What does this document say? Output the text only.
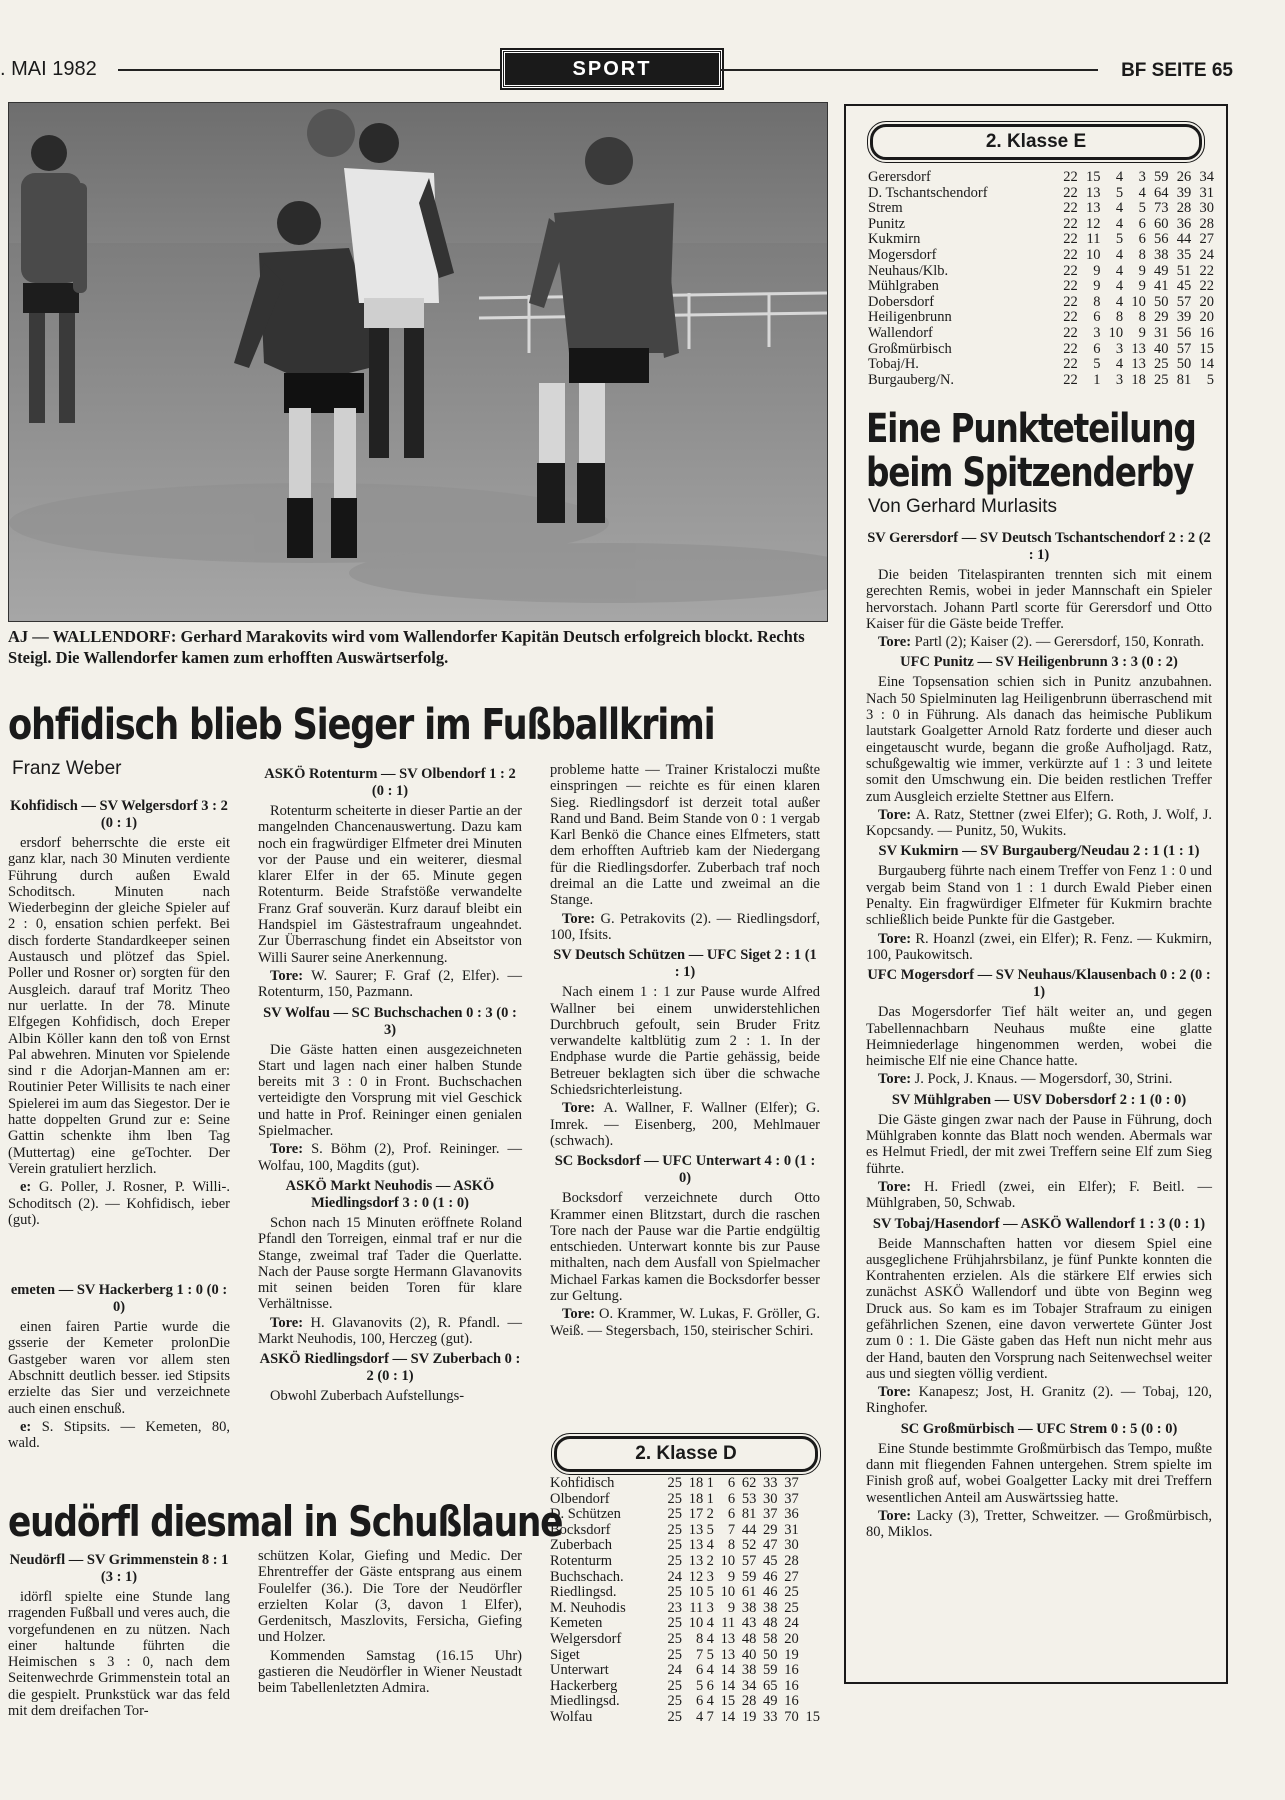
. MAI 1982	SPORT	BF SEITE 65
AJ — WALLENDORF: Gerhard Marakovits wird vom Wallendorfer Kapitän Deutsch erfolgreich blockt. Rechts Steigl. Die Wallendorfer kamen zum erhofften Auswärtserfolg.
ohfidisch blieb Sieger im Fußballkrimi
Franz Weber

Kohfidisch — SV Welgersdorf 3 : 2 (0 : 1)

ersdorf beherrschte die erste eit ganz klar, nach 30 Minuten verdiente Führung durch außen Ewald Schoditsch. Minuten nach Wiederbeginn der gleiche Spieler auf 2 : 0, ensation schien perfekt. Bei disch forderte Standardkeeper seinen Austausch und plötzef das Spiel. Poller und Rosner or) sorgten für den Ausgleich. darauf traf Moritz Theo nur uerlatte. In der 78. Minute Elfgegen Kohfidisch, doch Ereper Albin Köller kann den toß von Ernst Pal abwehren. Minuten vor Spielende sind r die Adorjan-Mannen am er: Routinier Peter Willisits te nach einer Spielerei im aum das Siegestor. Der ie hatte doppelten Grund zur e: Seine Gattin schenkte ihm lben Tag (Muttertag) eine geTochter. Der Verein gratuliert herzlich.

e: G. Poller, J. Rosner, P. Willi-. Schoditsch (2). — Kohfidisch, ieber (gut).

emeten — SV Hackerberg 1 : 0 (0 : 0)

einen fairen Partie wurde die gsserie der Kemeter prolonDie Gastgeber waren vor allem sten Abschnitt deutlich besser. ied Stipsits erzielte das Sier und verzeichnete auch einen enschuß.

e: S. Stipsits. — Kemeten, 80, wald.

ASKÖ Rotenturm — SV Olbendorf 1 : 2 (0 : 1)

Rotenturm scheiterte in dieser Partie an der mangelnden Chancenauswertung. Dazu kam noch ein fragwürdiger Elfmeter drei Minuten vor der Pause und ein weiterer, diesmal klarer Elfer in der 65. Minute gegen Rotenturm. Beide Strafstöße verwandelte Franz Graf souverän. Kurz darauf bleibt ein Handspiel im Gästestrafraum ungeahndet. Zur Überraschung findet ein Abseitstor von Willi Saurer seine Anerkennung.

Tore: W. Saurer; F. Graf (2, Elfer). — Rotenturm, 150, Pazmann.

SV Wolfau — SC Buchschachen 0 : 3 (0 : 3)

Die Gäste hatten einen ausgezeichneten Start und lagen nach einer halben Stunde bereits mit 3 : 0 in Front. Buchschachen verteidigte den Vorsprung mit viel Geschick und hatte in Prof. Reininger einen genialen Spielmacher.

Tore: S. Böhm (2), Prof. Reininger. — Wolfau, 100, Magdits (gut).

ASKÖ Markt Neuhodis — ASKÖ Miedlingsdorf 3 : 0 (1 : 0)

Schon nach 15 Minuten eröffnete Roland Pfandl den Torreigen, einmal traf er nur die Stange, zweimal traf Tader die Querlatte. Nach der Pause sorgte Hermann Glavanovits mit seinen beiden Toren für klare Verhältnisse.

Tore: H. Glavanovits (2), R. Pfandl. — Markt Neuhodis, 100, Herczeg (gut).

ASKÖ Riedlingsdorf — SV Zuberbach 0 : 2 (0 : 1)

Obwohl Zuberbach Aufstellungs-

probleme hatte — Trainer Kristaloczi mußte einspringen — reichte es für einen klaren Sieg. Riedlingsdorf ist derzeit total außer Rand und Band. Beim Stande von 0 : 1 vergab Karl Benkö die Chance eines Elfmeters, statt dem erhofften Auftrieb kam der Niedergang für die Riedlingsdorfer. Zuberbach traf noch dreimal an die Latte und zweimal an die Stange.

Tore: G. Petrakovits (2). — Riedlingsdorf, 100, Ifsits.

SV Deutsch Schützen — UFC Siget 2 : 1 (1 : 1)

Nach einem 1 : 1 zur Pause wurde Alfred Wallner bei einem unwiderstehlichen Durchbruch gefoult, sein Bruder Fritz verwandelte kaltblütig zum 2 : 1. In der Endphase wurde die Partie gehässig, beide Betreuer beklagten sich über die schwache Schiedsrichterleistung.

Tore: A. Wallner, F. Wallner (Elfer); G. Imrek. — Eisenberg, 200, Mehlmauer (schwach).

SC Bocksdorf — UFC Unterwart 4 : 0 (1 : 0)

Bocksdorf verzeichnete durch Otto Krammer einen Blitzstart, durch die raschen Tore nach der Pause war die Partie endgültig entschieden. Unterwart konnte bis zur Pause mithalten, nach dem Ausfall von Spielmacher Michael Farkas kamen die Bocksdorfer besser zur Geltung.

Tore: O. Krammer, W. Lukas, F. Gröller, G. Weiß. — Stegersbach, 150, steirischer Schiri.

eudörfl diesmal in Schußlaune

Neudörfl — SV Grimmenstein 8 : 1 (3 : 1)

idörfl spielte eine Stunde lang rragenden Fußball und veres auch, die vorgefundenen en zu nützen. Nach einer haltunde führten die Heimischen s 3 : 0, nach dem Seitenwechrde Grimmenstein total an die gespielt. Prunkstück war das feld mit dem dreifachen Tor-

schützen Kolar, Giefing und Medic. Der Ehrentreffer der Gäste entsprang aus einem Foulelfer (36.). Die Tore der Neudörfler erzielten Kolar (3, davon 1 Elfer), Gerdenitsch, Maszlovits, Fersicha, Giefing und Holzer.

Kommenden Samstag (16.15 Uhr) gastieren die Neudörfler in Wiener Neustadt beim Tabellenletzten Admira.

2. Klasse D
Kohfidisch	25	18	1	6	62	33	37	
Olbendorf	25	18	1	6	53	30	37	
D. Schützen	25	17	2	6	81	37	36	
Bocksdorf	25	13	5	7	44	29	31	
Zuberbach	25	13	4	8	52	47	30	
Rotenturm	25	13	2	10	57	45	28	
Buchschach.	24	12	3	9	59	46	27	
Riedlingsd.	25	10	5	10	61	46	25	
M. Neuhodis	23	11	3	9	38	38	25	
Kemeten	25	10	4	11	43	48	24	
Welgersdorf	25	8	4	13	48	58	20	
Siget	25	7	5	13	40	50	19	
Unterwart	24	6	4	14	38	59	16	
Hackerberg	25	5	6	14	34	65	16	
Miedlingsd.	25	6	4	15	28	49	16	
Wolfau	25	4	7	14	19	33	70	15
2. Klasse E
Gerersdorf	22	15	4	3	59	26	34
D. Tschantschendorf	22	13	5	4	64	39	31
Strem	22	13	4	5	73	28	30
Punitz	22	12	4	6	60	36	28
Kukmirn	22	11	5	6	56	44	27
Mogersdorf	22	10	4	8	38	35	24
Neuhaus/Klb.	22	9	4	9	49	51	22
Mühlgraben	22	9	4	9	41	45	22
Dobersdorf	22	8	4	10	50	57	20
Heiligenbrunn	22	6	8	8	29	39	20
Wallendorf	22	3	10	9	31	56	16
Großmürbisch	22	6	3	13	40	57	15
Tobaj/H.	22	5	4	13	25	50	14
Burgauberg/N.	22	1	3	18	25	81	5
Eine Punkteteilung
beim Spitzenderby
Von Gerhard Murlasits

SV Gerersdorf — SV Deutsch Tschantschendorf 2 : 2 (2 : 1)

Die beiden Titelaspiranten trennten sich mit einem gerechten Remis, wobei in jeder Mannschaft ein Spieler hervorstach. Johann Partl scorte für Gerersdorf und Otto Kaiser für die Gäste beide Treffer.

Tore: Partl (2); Kaiser (2). — Gerersdorf, 150, Konrath.

UFC Punitz — SV Heiligenbrunn 3 : 3 (0 : 2)

Eine Topsensation schien sich in Punitz anzubahnen. Nach 50 Spielminuten lag Heiligenbrunn überraschend mit 3 : 0 in Führung. Als danach das heimische Publikum lautstark Goalgetter Arnold Ratz forderte und dieser auch eingetauscht wurde, begann die große Aufholjagd. Ratz, schußgewaltig wie immer, verkürzte auf 1 : 3 und leitete somit den Umschwung ein. Die beiden restlichen Treffer zum Ausgleich erzielte Stettner aus Elfern.

Tore: A. Ratz, Stettner (zwei Elfer); G. Roth, J. Wolf, J. Kopcsandy. — Punitz, 50, Wukits.

SV Kukmirn — SV Burgauberg/Neudau 2 : 1 (1 : 1)

Burgauberg führte nach einem Treffer von Fenz 1 : 0 und vergab beim Stand von 1 : 1 durch Ewald Pieber einen Penalty. Ein fragwürdiger Elfmeter für Kukmirn brachte schließlich beide Punkte für die Gastgeber.

Tore: R. Hoanzl (zwei, ein Elfer); R. Fenz. — Kukmirn, 100, Paukowitsch.

UFC Mogersdorf — SV Neuhaus/Klausenbach 0 : 2 (0 : 1)

Das Mogersdorfer Tief hält weiter an, und gegen Tabellennachbarn Neuhaus mußte eine glatte Heimniederlage hingenommen werden, wobei die heimische Elf nie eine Chance hatte.

Tore: J. Pock, J. Knaus. — Mogersdorf, 30, Strini.

SV Mühlgraben — USV Dobersdorf 2 : 1 (0 : 0)

Die Gäste gingen zwar nach der Pause in Führung, doch Mühlgraben konnte das Blatt noch wenden. Abermals war es Helmut Friedl, der mit zwei Treffern seine Elf zum Sieg führte.

Tore: H. Friedl (zwei, ein Elfer); F. Beitl. — Mühlgraben, 50, Schwab.

SV Tobaj/Hasendorf — ASKÖ Wallendorf 1 : 3 (0 : 1)

Beide Mannschaften hatten vor diesem Spiel eine ausgeglichene Frühjahrsbilanz, je fünf Punkte konnten die Kontrahenten erzielen. Als die stärkere Elf erwies sich zunächst ASKÖ Wallendorf und übte von Beginn weg Druck aus. So kam es im Tobajer Strafraum zu einigen gefährlichen Szenen, eine davon verwertete Günter Jost zum 0 : 1. Die Gäste gaben das Heft nun nicht mehr aus der Hand, bauten den Vorsprung nach Seitenwechsel weiter aus und siegten völlig verdient.

Tore: Kanapesz; Jost, H. Granitz (2). — Tobaj, 120, Ringhofer.

SC Großmürbisch — UFC Strem 0 : 5 (0 : 0)

Eine Stunde bestimmte Großmürbisch das Tempo, mußte dann mit fliegenden Fahnen untergehen. Strem spielte im Finish groß auf, wobei Goalgetter Lacky mit drei Treffern wesentlichen Anteil am Auswärtssieg hatte.

Tore: Lacky (3), Tretter, Schweitzer. — Großmürbisch, 80, Miklos.
